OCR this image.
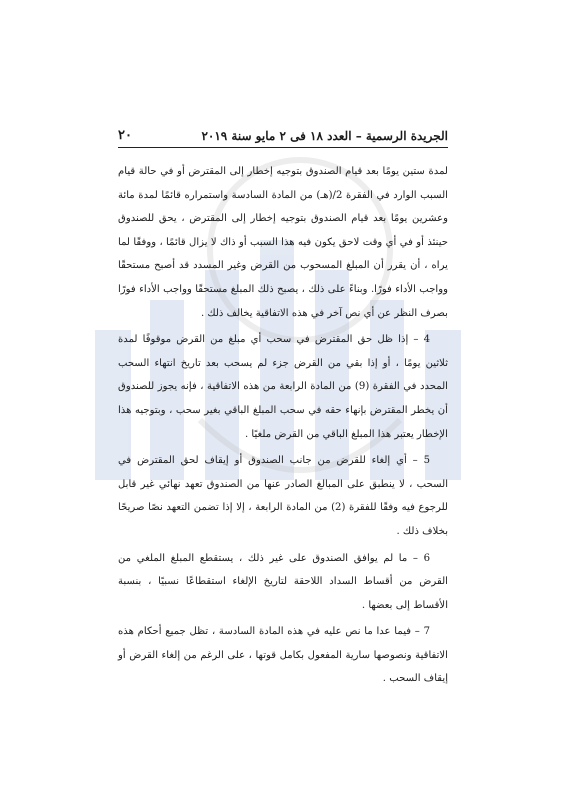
الجريدة الرسمية – العدد ١٨ فى ٢ مايو سنة ٢٠١٩
٢٠

لمدة ستين يومًا بعد قيام الصندوق بتوجيه إخطار إلى المقترض أو في حالة قيام السبب الوارد في الفقرة 2/(هـ) من المادة السادسة واستمراره قائمًا لمدة مائة وعشرين يومًا بعد قيام الصندوق بتوجيه إخطار إلى المقترض ، يحق للصندوق حينئذ أو في أي وقت لاحق يكون فيه هذا السبب أو ذاك لا يزال قائمًا ، ووفقًا لما يراه ، أن يقرر أن المبلغ المسحوب من القرض وغير المسدد قد أصبح مستحقًا وواجب الأداء فورًا. وبناءً على ذلك ، يصبح ذلك المبلغ مستحقًا وواجب الأداء فورًا بصرف النظر عن أي نص آخر في هذه الاتفاقية يخالف ذلك .

4 – إذا ظل حق المقترض في سحب أي مبلغ من القرض موقوفًا لمدة ثلاثين يومًا ، أو إذا بقي من القرض جزء لم يسحب بعد تاريخ انتهاء السحب المحدد في الفقرة (9) من المادة الرابعة من هذه الاتفاقية ، فإنه يجوز للصندوق أن يخطر المقترض بإنهاء حقه في سحب المبلغ الباقي بغير سحب ، وبتوجيه هذا الإخطار يعتبر هذا المبلغ الباقي من القرض ملغيًا .

5 – أي إلغاء للقرض من جانب الصندوق أو إيقاف لحق المقترض في السحب ، لا ينطبق على المبالغ الصادر عنها من الصندوق تعهد نهائي غير قابل للرجوع فيه وفقًا للفقرة (2) من المادة الرابعة ، إلا إذا تضمن التعهد نصًا صريحًا بخلاف ذلك .

6 – ما لم يوافق الصندوق على غير ذلك ، يستقطع المبلغ الملغي من القرض من أقساط السداد اللاحقة لتاريخ الإلغاء استقطاعًا نسبيًا ، بنسبة الأقساط إلى بعضها .

7 – فيما عدا ما نص عليه في هذه المادة السادسة ، تظل جميع أحكام هذه الاتفاقية ونصوصها سارية المفعول بكامل قوتها ، على الرغم من إلغاء القرض أو إيقاف السحب .
